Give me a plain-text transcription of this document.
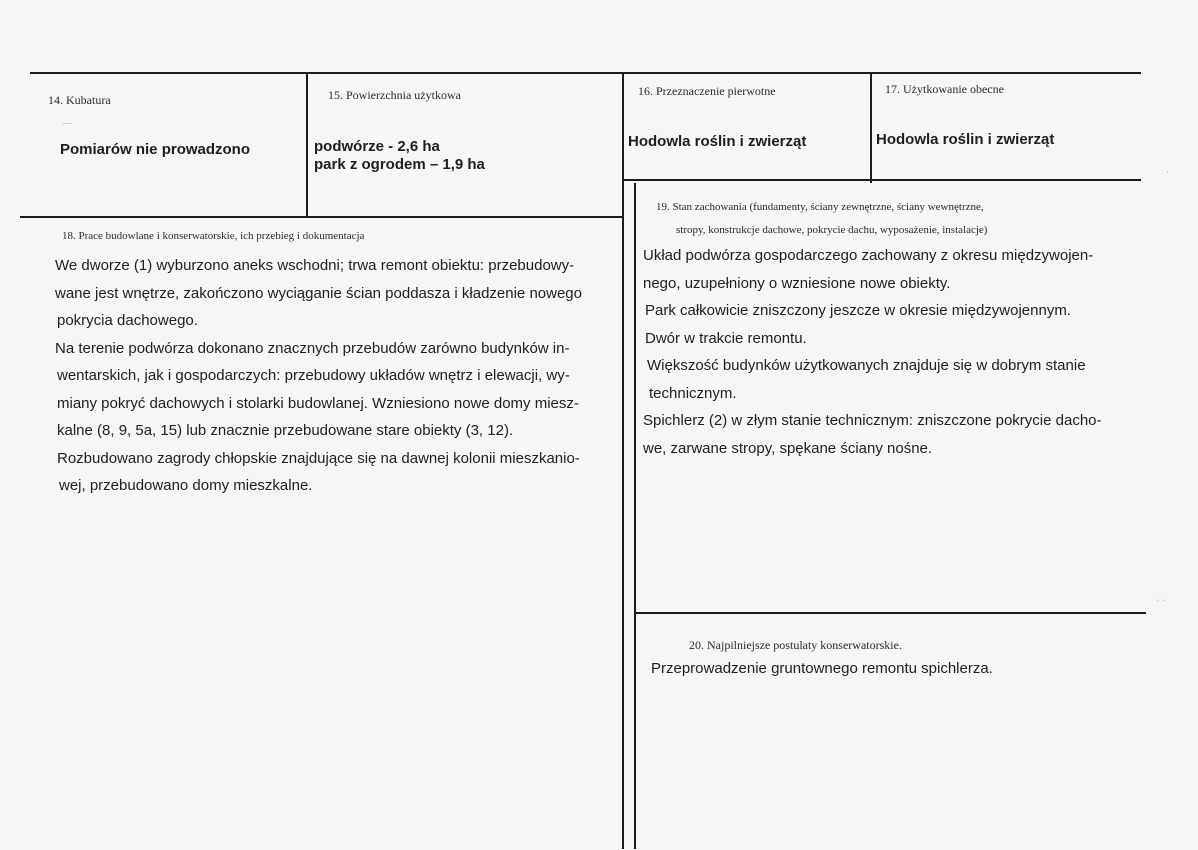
14. Kubatura
Pomiarów nie prowadzono
15. Powierzchnia użytkowa
podwórze - 2,6 ha
park z ogrodem – 1,9 ha
16. Przeznaczenie pierwotne
Hodowla roślin i zwierząt
17. Użytkowanie obecne
Hodowla roślin i zwierząt
18. Prace budowlane i konserwatorskie, ich przebieg i dokumentacja
We dworze (1) wyburzono aneks wschodni; trwa remont obiektu: przebudowy-
wane jest wnętrze, zakończono wyciąganie ścian poddasza i kładzenie nowego
pokrycia dachowego.
Na terenie podwórza dokonano znacznych przebudów zarówno budynków in-
wentarskich, jak i gospodarczych: przebudowy układów wnętrz i elewacji, wy-
miany pokryć dachowych i stolarki budowlanej. Wzniesiono nowe domy miesz-
kalne (8, 9, 5a, 15) lub znacznie przebudowane stare obiekty (3, 12).
Rozbudowano zagrody chłopskie znajdujące się na dawnej kolonii mieszkanio-
wej, przebudowano domy mieszkalne.
19. Stan zachowania (fundamenty, ściany zewnętrzne, ściany wewnętrzne,
stropy, konstrukcje dachowe, pokrycie dachu, wyposażenie, instalacje)
Układ podwórza gospodarczego zachowany z okresu międzywojen-
nego, uzupełniony o wzniesione nowe obiekty.
Park całkowicie zniszczony jeszcze w okresie międzywojennym.
Dwór w trakcie remontu.
Większość budynków użytkowanych znajduje się w dobrym stanie
technicznym.
Spichlerz (2) w złym stanie technicznym: zniszczone pokrycie dacho-
we, zarwane stropy, spękane ściany nośne.
20. Najpilniejsze postulaty konserwatorskie.
Przeprowadzenie gruntownego remontu spichlerza.
·
· ·
—
